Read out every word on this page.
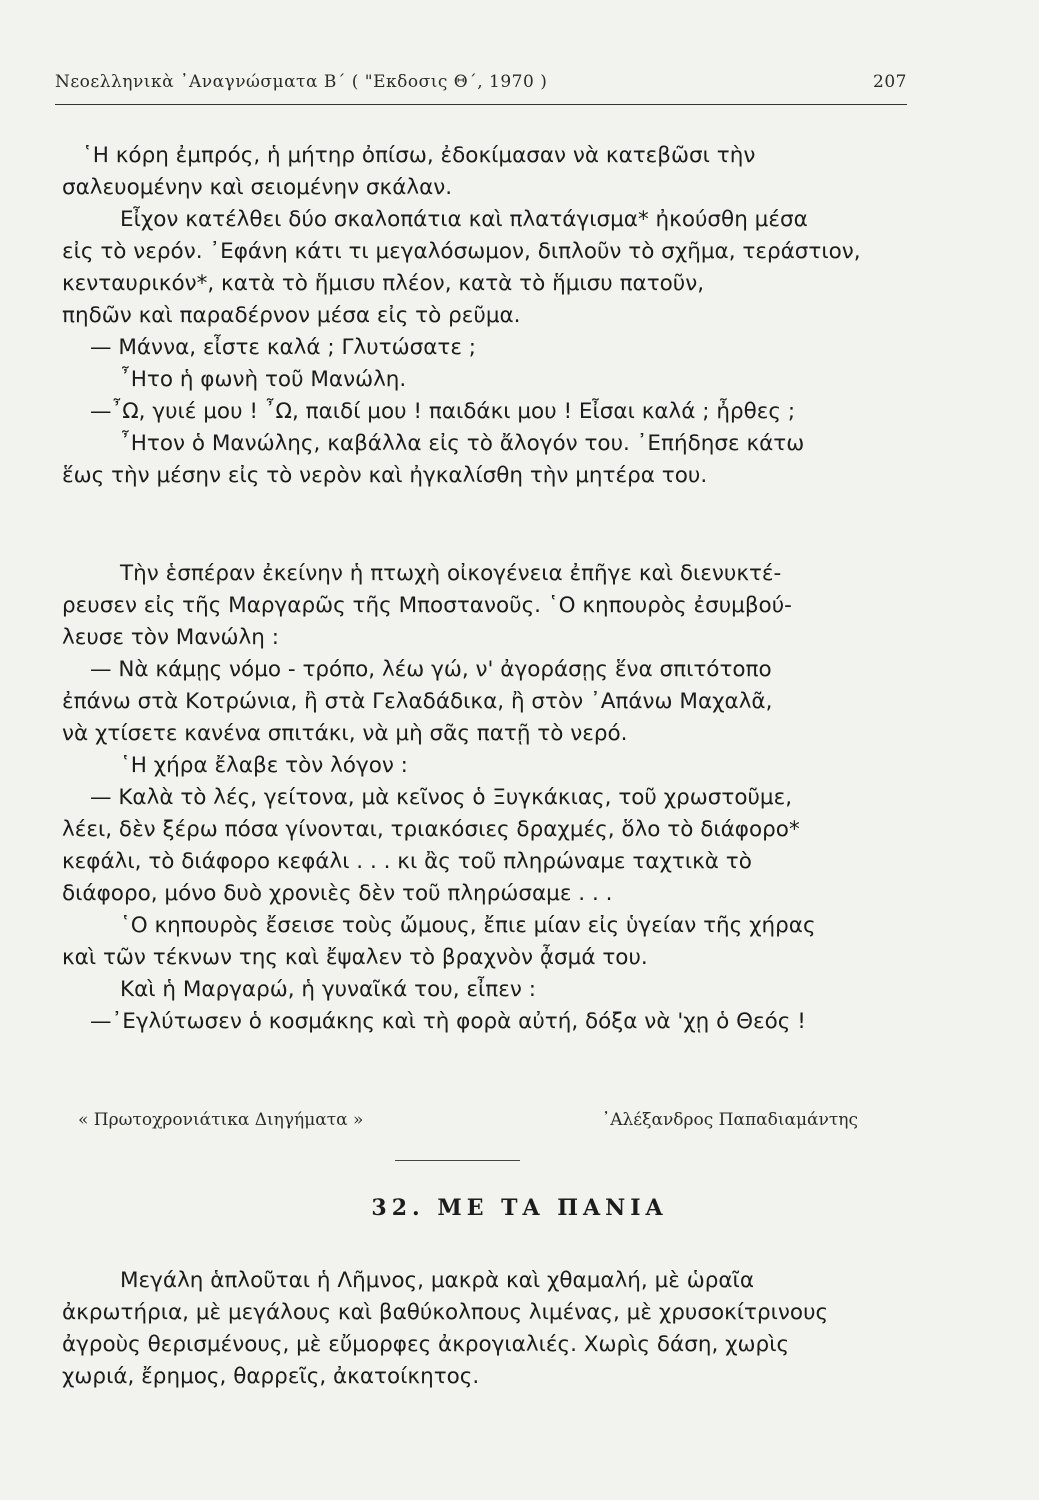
Νεοελληνικὰ ᾿Αναγνώσματα Β΄ ( "Εκδοσις Θ΄, 1970 )	207
῾Η κόρη ἐμπρός, ἡ μήτηρ ὀπίσω, ἐδοκίμασαν νὰ κατεβῶσι τὴν
σαλευομένην καὶ σειομένην σκάλαν.
Εἶχον κατέλθει δύο σκαλοπάτια καὶ πλατάγισμα* ἠκούσθη μέσα
εἰς τὸ νερόν. ᾿Εφάνη κάτι τι μεγαλόσωμον, διπλοῦν τὸ σχῆμα, τεράστιον,
κενταυρικόν*, κατὰ τὸ ἥμισυ πλέον, κατὰ τὸ ἥμισυ πατοῦν,
πηδῶν καὶ παραδέρνον μέσα εἰς τὸ ρεῦμα.
— Μάννα, εἶστε καλά ; Γλυτώσατε ;
῏Ητο ἡ φωνὴ τοῦ Μανώλη.
—῏Ω, γυιέ μου ! ῏Ω, παιδί μου ! παιδάκι μου ! Εἶσαι καλά ; ἦρθες ;
῏Ητον ὁ Μανώλης, καβάλλα εἰς τὸ ἄλογόν του. ᾿Επήδησε κάτω
ἕως τὴν μέσην εἰς τὸ νερὸν καὶ ἠγκαλίσθη τὴν μητέρα του.
Τὴν ἑσπέραν ἐκείνην ἡ πτωχὴ οἰκογένεια ἐπῆγε καὶ διενυκτέ-
ρευσεν εἰς τῆς Μαργαρῶς τῆς Μποστανοῦς. ῾Ο κηπουρὸς ἐσυμβού-
λευσε τὸν Μανώλη :
— Νὰ κάμῃς νόμο - τρόπο, λέω γώ, ν' ἀγοράσῃς ἕνα σπιτότοπο
ἐπάνω στὰ Κοτρώνια, ἢ στὰ Γελαδάδικα, ἢ στὸν ᾿Απάνω Μαχαλᾶ,
νὰ χτίσετε κανένα σπιτάκι, νὰ μὴ σᾶς πατῇ τὸ νερό.
῾Η χήρα ἔλαβε τὸν λόγον :
— Καλὰ τὸ λές, γείτονα, μὰ κεῖνος ὁ Ξυγκάκιας, τοῦ χρωστοῦμε,
λέει, δὲν ξέρω πόσα γίνονται, τριακόσιες δραχμές, ὅλο τὸ διάφορο*
κεφάλι, τὸ διάφορο κεφάλι . . . κι ἂς τοῦ πληρώναμε ταχτικὰ τὸ
διάφορο, μόνο δυὸ χρονιὲς δὲν τοῦ πληρώσαμε . . .
῾Ο κηπουρὸς ἔσεισε τοὺς ὤμους, ἔπιε μίαν εἰς ὑγείαν τῆς χήρας
καὶ τῶν τέκνων της καὶ ἔψαλεν τὸ βραχνὸν ᾆσμά του.
Καὶ ἡ Μαργαρώ, ἡ γυναῖκά του, εἶπεν :
—᾿Εγλύτωσεν ὁ κοσμάκης καὶ τὴ φορὰ αὐτή, δόξα νὰ 'χῃ ὁ Θεός !
« Πρωτοχρονιάτικα Διηγήματα »	᾿Αλέξανδρος Παπαδιαμάντης
32. ΜΕ ΤΑ ΠΑΝΙΑ
Μεγάλη ἁπλοῦται ἡ Λῆμνος, μακρὰ καὶ χθαμαλή, μὲ ὡραῖα
ἀκρωτήρια, μὲ μεγάλους καὶ βαθύκολπους λιμένας, μὲ χρυσοκίτρινους
ἀγροὺς θερισμένους, μὲ εὔμορφες ἀκρογιαλιές. Χωρὶς δάση, χωρὶς
χωριά, ἔρημος, θαρρεῖς, ἀκατοίκητος.
